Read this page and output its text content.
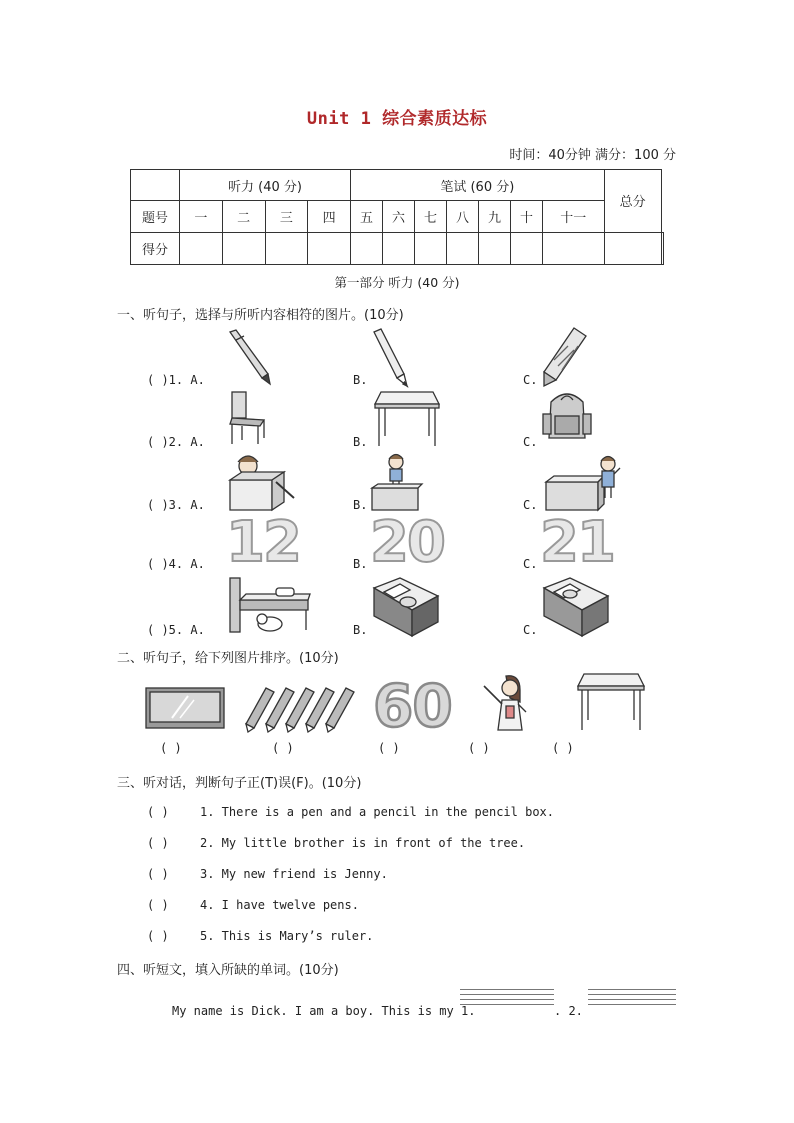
Unit 1 综合素质达标
时间：40分钟 满分：100 分
	听力 (40 分)				笔试 (60 分)							总分	
题号	一	二	三	四	五	六	七	八	九	十	十一		
得分													
第一部分 听力 (40 分)
一、听句子，选择与所听内容相符的图片。(10分)
( )1. A.	B.	C.
( )2. A.	B.	C.
( )3. A.	B.	C.
( )4. A.	B.	C.
12 20 21
( )5. A.	B.	C.
二、听句子，给下列图片排序。(10分)
60
( )	( )	( )	( )	( )
三、听对话，判断句子正(T)误(F)。(10分)
( )	1. There is a pen and a pencil in the pencil box.
( )	2. My little brother is in front of the tree.
( )	3. My new friend is Jenny.
( )	4. I have twelve pens.
( )	5. This is Mary’s ruler.
四、听短文，填入所缺的单词。(10分)
My name is Dick. I am a boy. This is my 1.	. 2.
